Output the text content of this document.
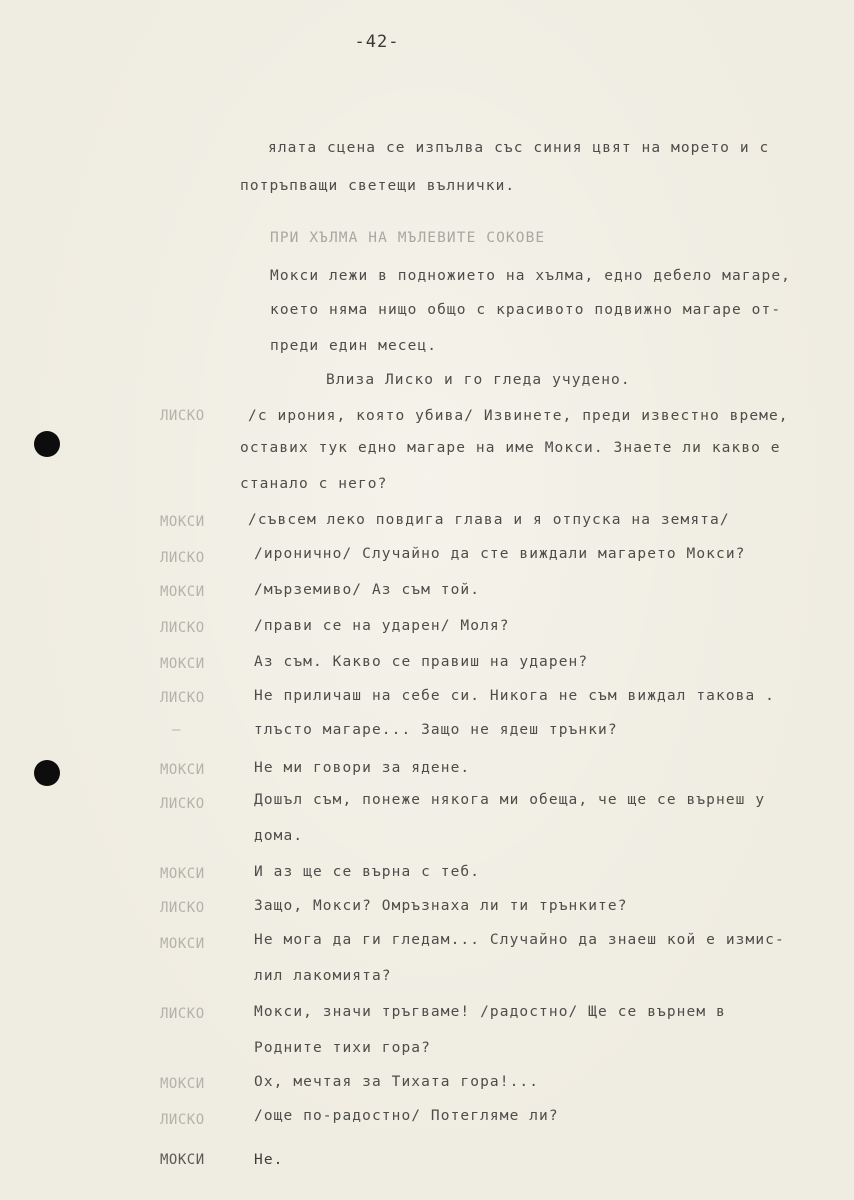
-42-
ялата сцена се изпълва със синия цвят на морето и с
потръпващи светещи вълнички.
ПРИ ХЪЛМА НА МЪЛЕВИТЕ СОКОВЕ
Мокси лежи в подножието на хълма, едно дебело магаре,
което няма нищо общо с красивото подвижно магаре от-
преди един месец.
Влиза Лиско и го гледа учудено.
ЛИСКО	/с ирония, която убива/ Извинете, преди известно време,
оставих тук едно магаре на име Мокси. Знаете ли какво е
станало с него?
МОКСИ	/съвсем леко повдига глава и я отпуска на земята/
ЛИСКО	/иронично/ Случайно да сте виждали магарето Мокси?
МОКСИ	/мърземиво/ Аз съм той.
ЛИСКО	/прави се на ударен/ Моля?
МОКСИ	Аз съм. Какво се правиш на ударен?
ЛИСКО	Не приличаш на себе си. Никога не съм виждал такова .
–	тлъсто магаре... Защо не ядеш трънки?
МОКСИ	Не ми говори за ядене.
ЛИСКО	Дошъл съм, понеже някога ми обеща, че ще се върнеш у
дома.
МОКСИ	И аз ще се върна с теб.
ЛИСКО	Защо, Мокси? Омръзнаха ли ти трънките?
МОКСИ	Не мога да ги гледам... Случайно да знаеш кой е измис-
лил лакомията?
ЛИСКО	Мокси, значи тръгваме! /радостно/ Ще се върнем в
Родните тихи гора?
МОКСИ	Ох, мечтая за Тихата гора!...
ЛИСКО	/още по-радостно/ Потегляме ли?
МОКСИ	Не.
